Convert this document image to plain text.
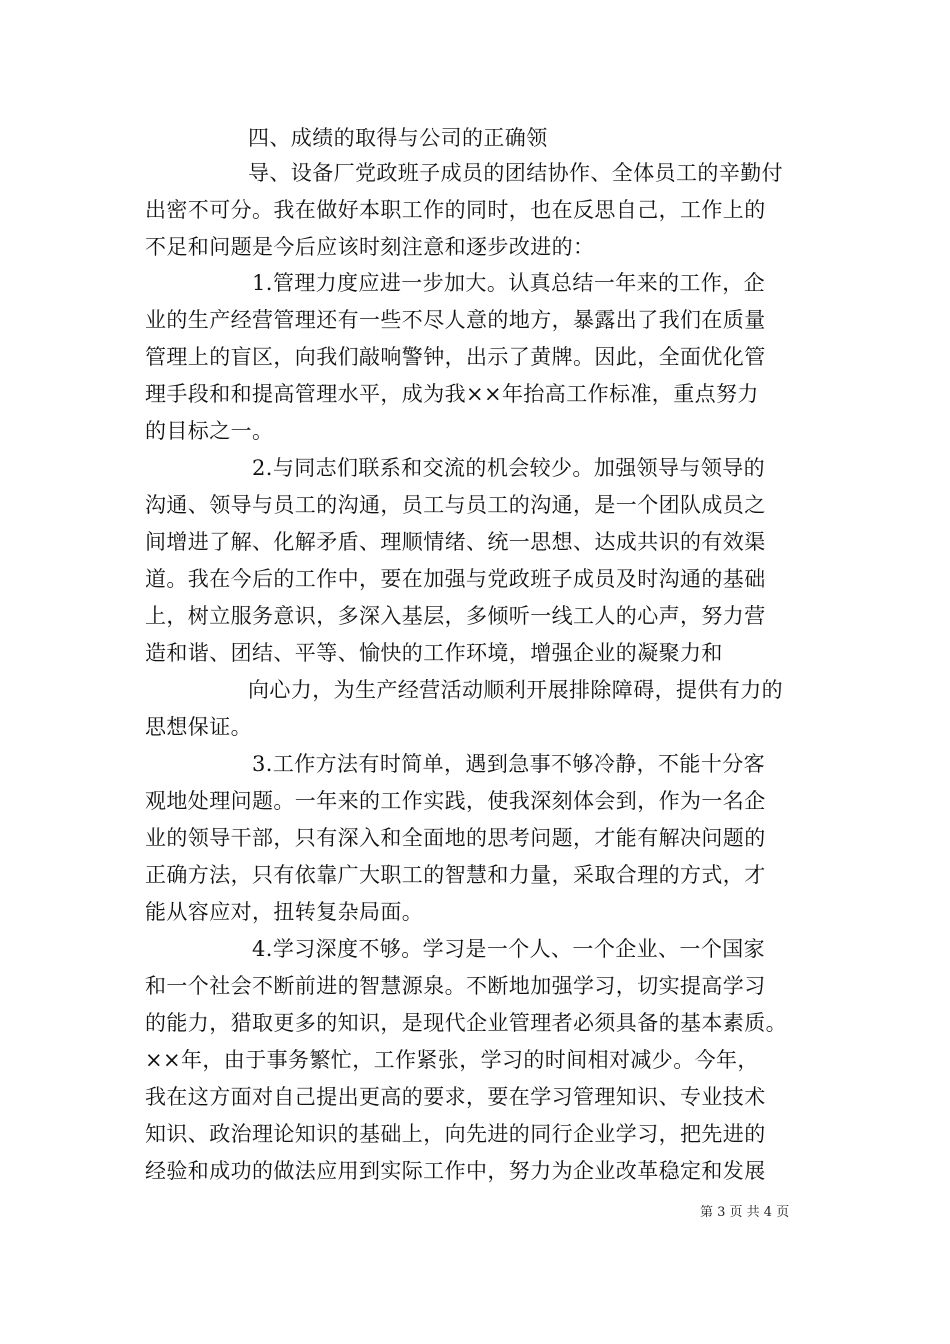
四、成绩的取得与公司的正确领
导、设备厂党政班子成员的团结协作、全体员工的辛勤付
出密不可分。我在做好本职工作的同时，也在反思自己，工作上的
不足和问题是今后应该时刻注意和逐步改进的：
1.管理力度应进一步加大。认真总结一年来的工作，企
业的生产经营管理还有一些不尽人意的地方，暴露出了我们在质量
管理上的盲区，向我们敲响警钟，出示了黄牌。因此，全面优化管
理手段和和提高管理水平，成为我××年抬高工作标准，重点努力
的目标之一。
2.与同志们联系和交流的机会较少。加强领导与领导的
沟通、领导与员工的沟通，员工与员工的沟通，是一个团队成员之
间增进了解、化解矛盾、理顺情绪、统一思想、达成共识的有效渠
道。我在今后的工作中，要在加强与党政班子成员及时沟通的基础
上，树立服务意识，多深入基层，多倾听一线工人的心声，努力营
造和谐、团结、平等、愉快的工作环境，增强企业的凝聚力和
向心力，为生产经营活动顺利开展排除障碍，提供有力的
思想保证。
3.工作方法有时简单，遇到急事不够冷静，不能十分客
观地处理问题。一年来的工作实践，使我深刻体会到，作为一名企
业的领导干部，只有深入和全面地的思考问题，才能有解决问题的
正确方法，只有依靠广大职工的智慧和力量，采取合理的方式，才
能从容应对，扭转复杂局面。
4.学习深度不够。学习是一个人、一个企业、一个国家
和一个社会不断前进的智慧源泉。不断地加强学习，切实提高学习
的能力，猎取更多的知识，是现代企业管理者必须具备的基本素质。
××年，由于事务繁忙，工作紧张，学习的时间相对减少。今年，
我在这方面对自己提出更高的要求，要在学习管理知识、专业技术
知识、政治理论知识的基础上，向先进的同行企业学习，把先进的
经验和成功的做法应用到实际工作中，努力为企业改革稳定和发展
第 3 页 共 4 页
